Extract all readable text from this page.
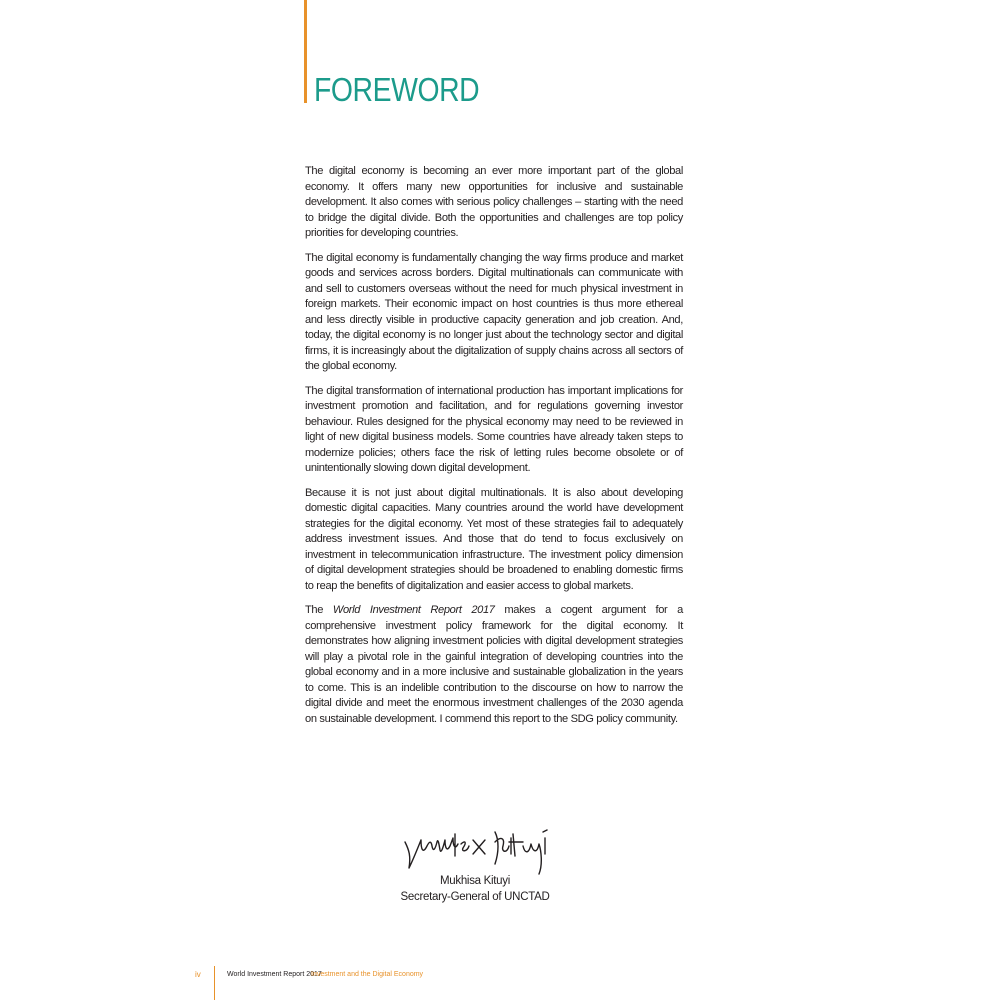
FOREWORD

The digital economy is becoming an ever more important part of the global economy. It offers many new opportunities for inclusive and sustainable development. It also comes with serious policy challenges – starting with the need to bridge the digital divide. Both the opportunities and challenges are top policy priorities for developing countries.

The digital economy is fundamentally changing the way firms produce and market goods and services across borders. Digital multinationals can communicate with and sell to customers overseas without the need for much physical investment in foreign markets. Their economic impact on host countries is thus more ethereal and less directly visible in productive capacity generation and job creation. And, today, the digital economy is no longer just about the technology sector and digital firms, it is increasingly about the digitalization of supply chains across all sectors of the global economy.

The digital transformation of international production has important implications for investment promotion and facilitation, and for regulations governing investor behaviour. Rules designed for the physical economy may need to be reviewed in light of new digital business models. Some countries have already taken steps to modernize policies; others face the risk of letting rules become obsolete or of unintentionally slowing down digital development.

Because it is not just about digital multinationals. It is also about developing domestic digital capacities. Many countries around the world have development strategies for the digital economy. Yet most of these strategies fail to adequately address investment issues. And those that do tend to focus exclusively on investment in telecommunication infrastructure. The investment policy dimension of digital development strategies should be broadened to enabling domestic firms to reap the benefits of digitalization and easier access to global markets.

The World Investment Report 2017 makes a cogent argument for a comprehensive investment policy framework for the digital economy. It demonstrates how aligning investment policies with digital development strategies will play a pivotal role in the gainful integration of developing countries into the global economy and in a more inclusive and sustainable globalization in the years to come. This is an indelible contribution to the discourse on how to narrow the digital divide and meet the enormous investment challenges of the 2030 agenda on sustainable development. I commend this report to the SDG policy community.

Mukhisa Kituyi
Secretary-General of UNCTAD
iv	World Investment Report 2017
Investment and the Digital Economy
